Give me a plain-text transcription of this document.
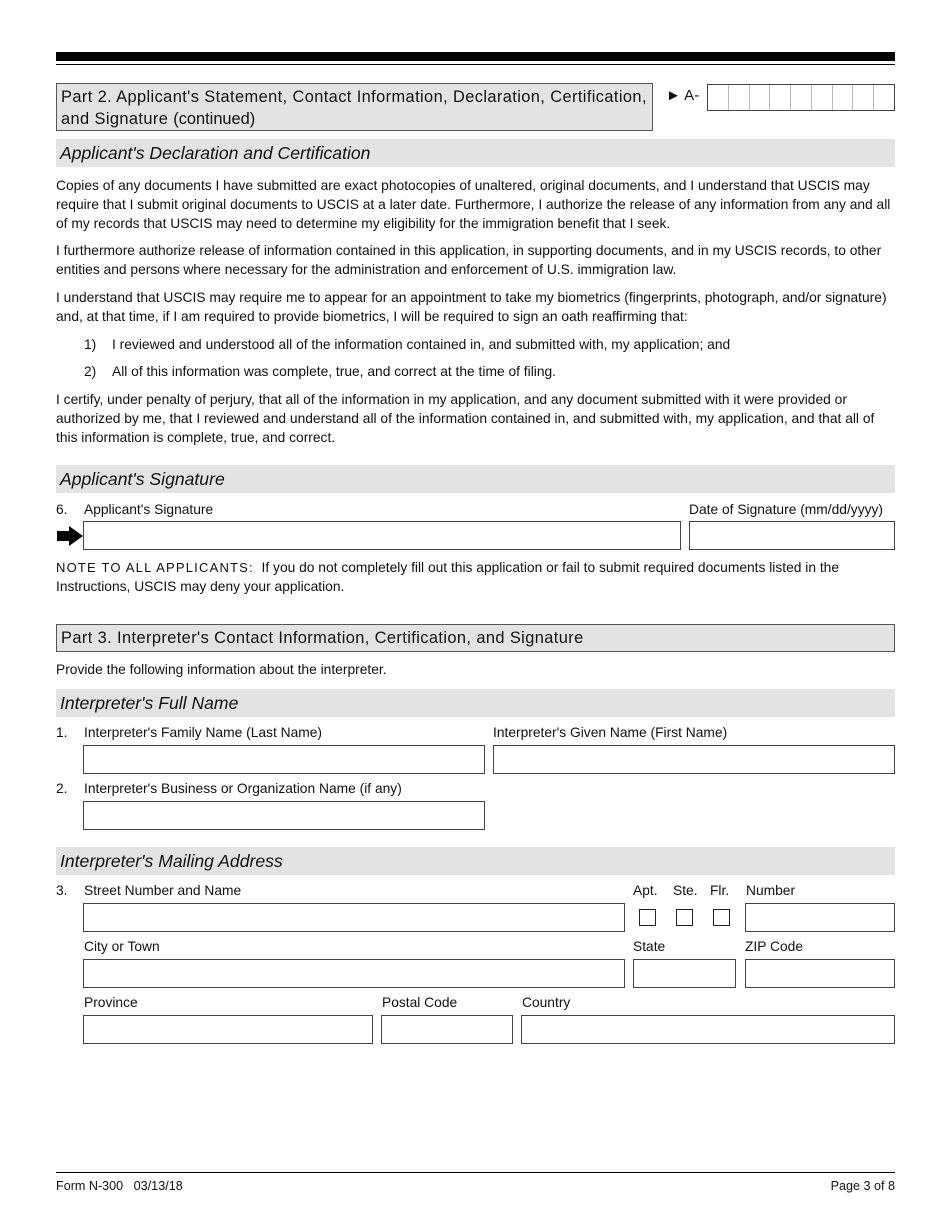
Part 2. Applicant's Statement, Contact Information, Declaration, Certification, and Signature (continued)
► A-
Applicant's Declaration and Certification
Copies of any documents I have submitted are exact photocopies of unaltered, original documents, and I understand that USCIS may require that I submit original documents to USCIS at a later date. Furthermore, I authorize the release of any information from any and all of my records that USCIS may need to determine my eligibility for the immigration benefit that I seek.
I furthermore authorize release of information contained in this application, in supporting documents, and in my USCIS records, to other entities and persons where necessary for the administration and enforcement of U.S. immigration law.
I understand that USCIS may require me to appear for an appointment to take my biometrics (fingerprints, photograph, and/or signature) and, at that time, if I am required to provide biometrics, I will be required to sign an oath reaffirming that:
1) I reviewed and understood all of the information contained in, and submitted with, my application; and
2) All of this information was complete, true, and correct at the time of filing.
I certify, under penalty of perjury, that all of the information in my application, and any document submitted with it were provided or authorized by me, that I reviewed and understand all of the information contained in, and submitted with, my application, and that all of this information is complete, true, and correct.
Applicant's Signature
6. Applicant's Signature	Date of Signature (mm/dd/yyyy)
NOTE TO ALL APPLICANTS: If you do not completely fill out this application or fail to submit required documents listed in the Instructions, USCIS may deny your application.
Part 3. Interpreter's Contact Information, Certification, and Signature
Provide the following information about the interpreter.
Interpreter's Full Name
1. Interpreter's Family Name (Last Name)	Interpreter's Given Name (First Name)
2. Interpreter's Business or Organization Name (if any)
Interpreter's Mailing Address
3. Street Number and Name	Apt. Ste. Flr. Number
City or Town	State	ZIP Code
Province	Postal Code	Country
Form N-300   03/13/18	Page 3 of 8
